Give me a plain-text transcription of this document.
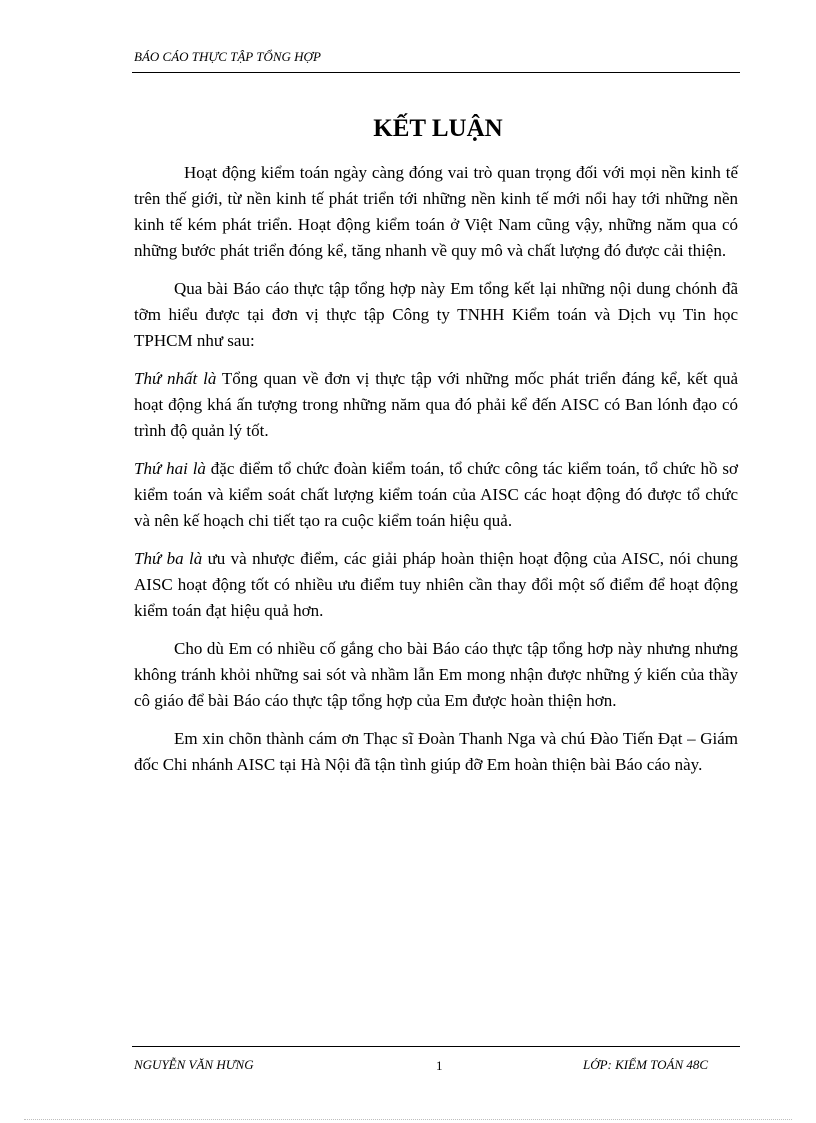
BÁO CÁO THỰC TẬP TỔNG HỢP
KẾT LUẬN

Hoạt động kiểm toán ngày càng đóng vai trò quan trọng đối với mọi nền kinh tế trên thế giới, từ nền kinh tế phát triển tới những nền kinh tế mới nổi hay tới những nền kinh tế kém phát triển. Hoạt động kiểm toán ở Việt Nam cũng vậy, những năm qua có những bước phát triển đóng kể, tăng nhanh về quy mô và chất lượng đó được cải thiện.

Qua bài Báo cáo thực tập tổng hợp này Em tổng kết lại những nội dung chónh đã tỡm hiểu được tại đơn vị thực tập Công ty TNHH Kiểm toán và Dịch vụ Tin học TPHCM như sau:

Thứ nhất là Tổng quan về đơn vị thực tập với những mốc phát triển đáng kể, kết quả hoạt động khá ấn tượng trong những năm qua đó phải kể đến AISC có Ban lónh đạo có trình độ quản lý tốt.

Thứ hai là đặc điểm tổ chức đoàn kiểm toán, tổ chức công tác kiểm toán, tổ chức hồ sơ kiểm toán và kiểm soát chất lượng kiểm toán của AISC các hoạt động đó được tổ chức và nên kế hoạch chi tiết tạo ra cuộc kiểm toán hiệu quả.

Thứ ba là ưu và nhược điểm, các giải pháp hoàn thiện hoạt động của AISC, nói chung AISC hoạt động tốt có nhiều ưu điểm tuy nhiên cần thay đổi một số điểm để hoạt động kiểm toán đạt hiệu quả hơn.

Cho dù Em có nhiều cố gắng cho bài Báo cáo thực tập tổng hơp này nhưng nhưng không tránh khỏi những sai sót và nhầm lẫn Em mong nhận được những ý kiến của thầy cô giáo để bài Báo cáo thực tập tổng hợp của Em được hoàn thiện hơn.

Em xin chõn thành cám ơn Thạc sĩ Đoàn Thanh Nga và chú Đào Tiến Đạt – Giám đốc Chi nhánh AISC tại Hà Nội đã tận tình giúp đỡ Em hoàn thiện bài Báo cáo này.

NGUYỄN VĂN HƯNG	1	LỚP: KIỂM TOÁN 48C
